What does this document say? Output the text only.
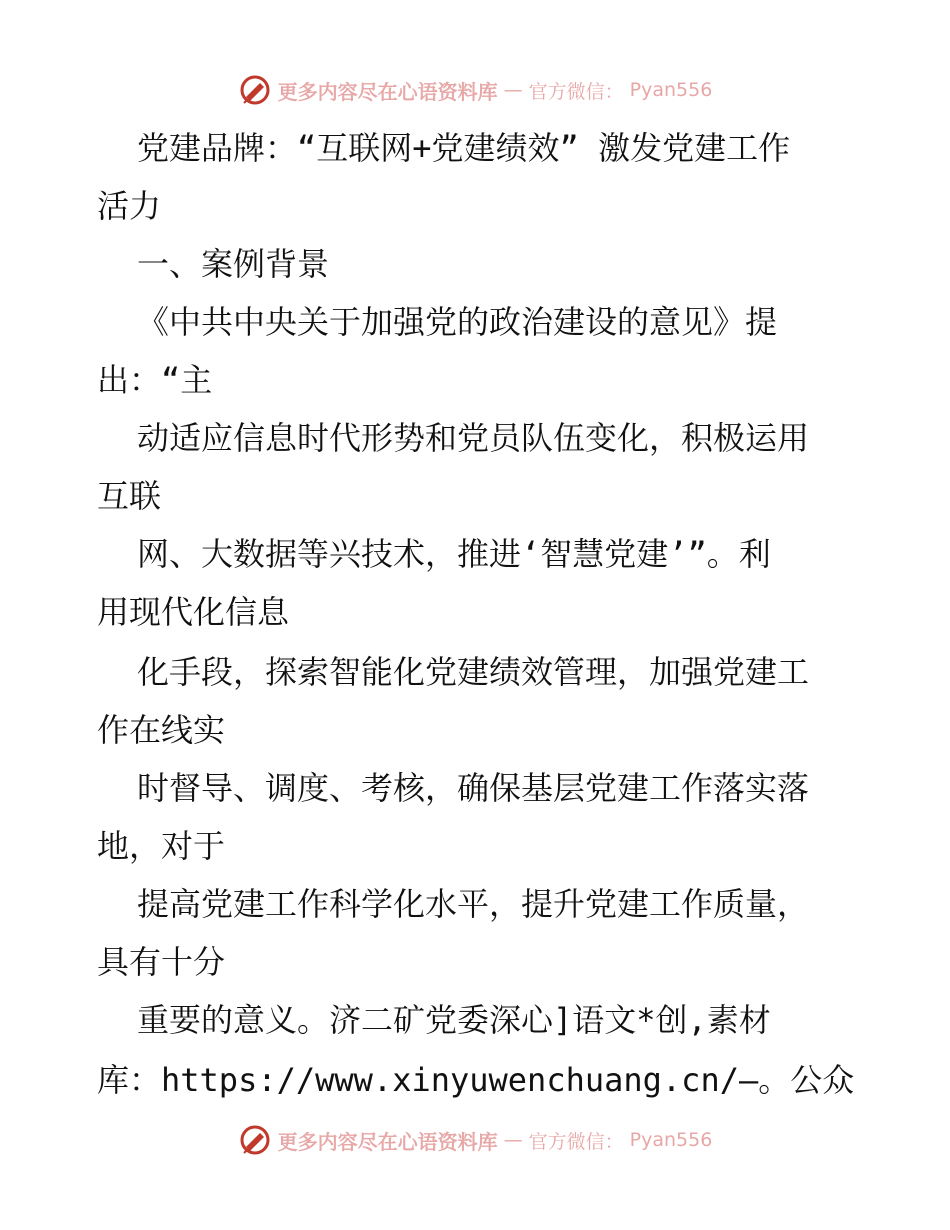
更多内容尽在心语资料库 — 官方微信： Pyan556
党建品牌：“互联网+党建绩效” 激发党建工作
活力
一、案例背景
《中共中央关于加强党的政治建设的意见》提
出：“主
动适应信息时代形势和党员队伍变化，积极运用
互联
网、大数据等兴技术，推进‘智慧党建’”。利
用现代化信息
化手段，探索智能化党建绩效管理，加强党建工
作在线实
时督导、调度、考核，确保基层党建工作落实落
地，对于
提高党建工作科学化水平，提升党建工作质量，
具有十分
重要的意义。济二矿党委深心]语文*创,素材
库：https://www.xinyuwenchuang.cn/—。公众
更多内容尽在心语资料库 — 官方微信： Pyan556
